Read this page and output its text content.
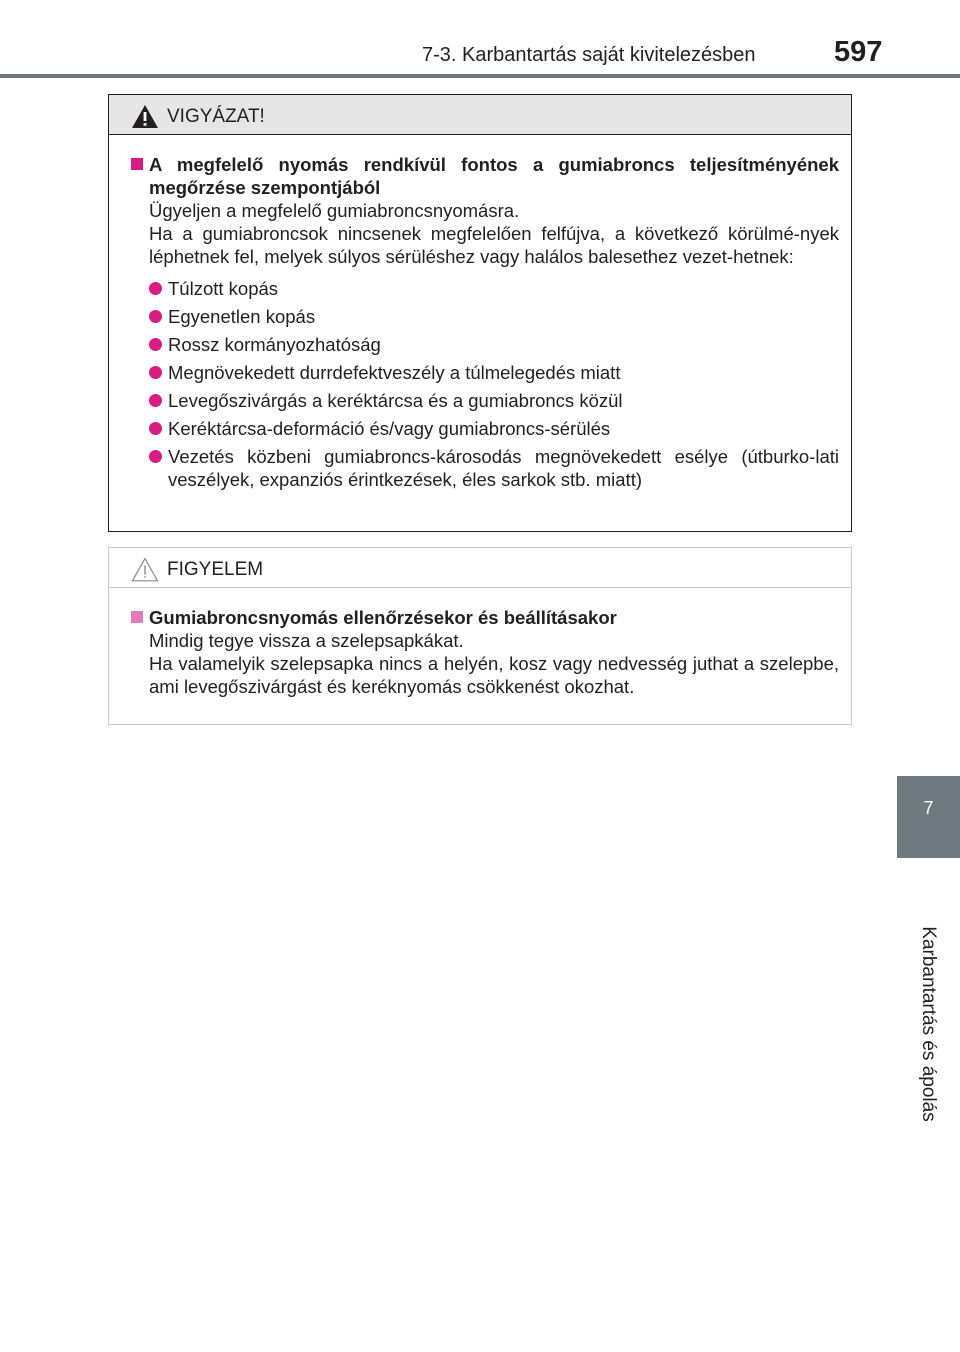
7-3. Karbantartás saját kivitelezésben	597
7
Karbantartás és ápolás
VIGYÁZAT!
A megfelelő nyomás rendkívül fontos a gumiabroncs teljesítményének megőrzése szempontjából
Ügyeljen a megfelelő gumiabroncsnyomásra.
Ha a gumiabroncsok nincsenek megfelelően felfújva, a következő körülmé-nyek léphetnek fel, melyek súlyos sérüléshez vagy halálos balesethez vezet-hetnek:
Túlzott kopás
Egyenetlen kopás
Rossz kormányozhatóság
Megnövekedett durrdefektveszély a túlmelegedés miatt
Levegőszivárgás a keréktárcsa és a gumiabroncs közül
Keréktárcsa-deformáció és/vagy gumiabroncs-sérülés
Vezetés közbeni gumiabroncs-károsodás megnövekedett esélye (útburko-lati veszélyek, expanziós érintkezések, éles sarkok stb. miatt)
FIGYELEM
Gumiabroncsnyomás ellenőrzésekor és beállításakor
Mindig tegye vissza a szelepsapkákat.
Ha valamelyik szelepsapka nincs a helyén, kosz vagy nedvesség juthat a szelepbe, ami levegőszivárgást és keréknyomás csökkenést okozhat.
